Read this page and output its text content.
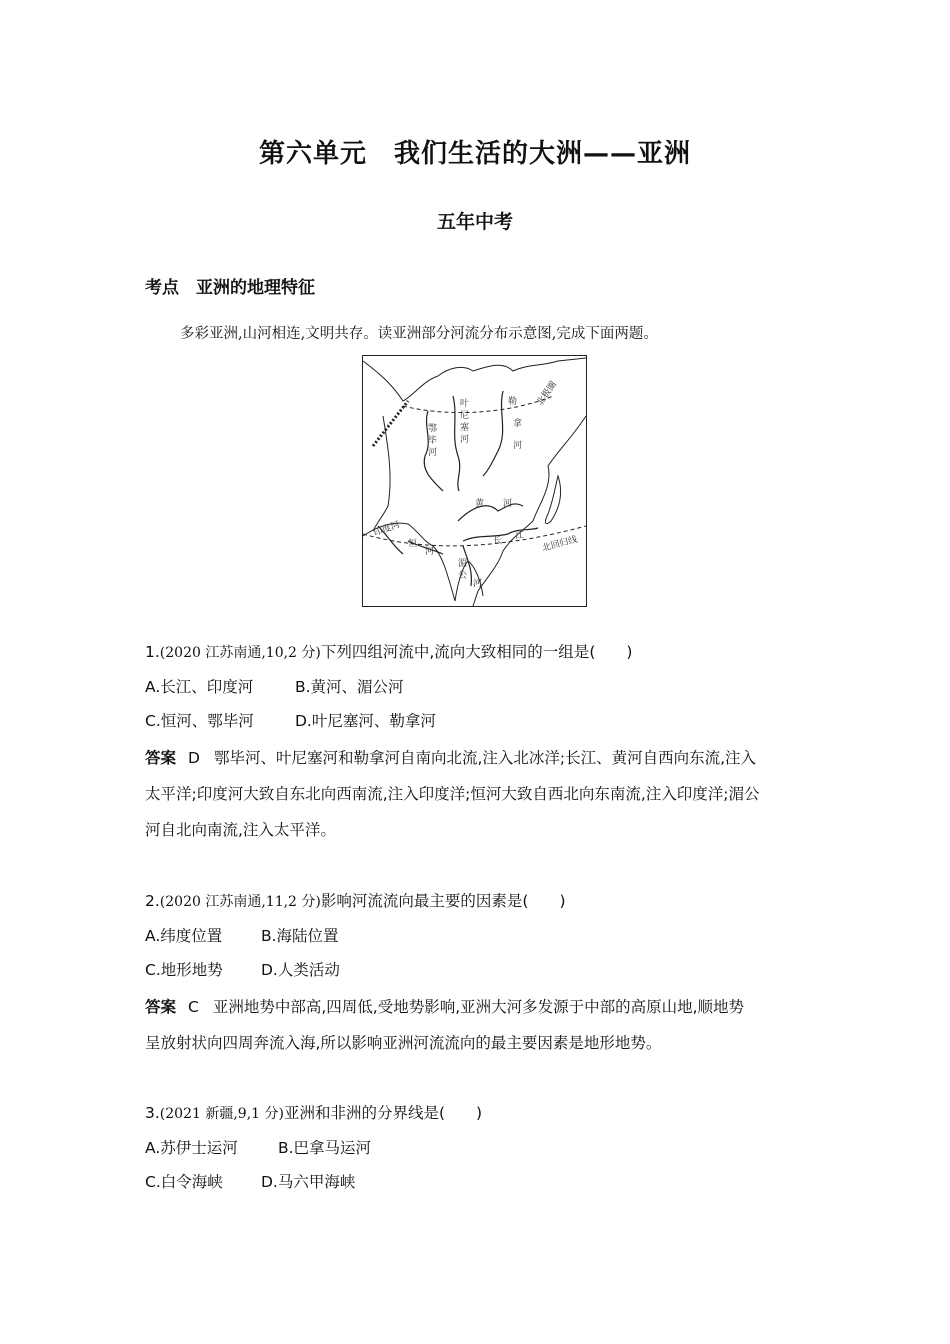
第六单元　我们生活的大洲——亚洲
五年中考
考点　亚洲的地理特征
多彩亚洲,山河相连,文明共存。读亚洲部分河流分布示意图,完成下面两题。
叶
尼
塞
河
鄂
毕
河
勒
拿
河
北极圈
黄 河
长 江 北回归线
印度河
恒
河
湄
公
河
1.(2020 江苏南通,10,2 分)下列四组河流中,流向大致相同的一组是(　　)
A.长江、印度河	B.黄河、湄公河
C.恒河、鄂毕河	D.叶尼塞河、勒拿河
答案 D 鄂毕河、叶尼塞河和勒拿河自南向北流,注入北冰洋;长江、黄河自西向东流,注入
太平洋;印度河大致自东北向西南流,注入印度洋;恒河大致自西北向东南流,注入印度洋;湄公
河自北向南流,注入太平洋。
2.(2020 江苏南通,11,2 分)影响河流流向最主要的因素是(　　)
A.纬度位置 B.海陆位置
C.地形地势 D.人类活动
答案 C 亚洲地势中部高,四周低,受地势影响,亚洲大河多发源于中部的高原山地,顺地势
呈放射状向四周奔流入海,所以影响亚洲河流流向的最主要因素是地形地势。
3.(2021 新疆,9,1 分)亚洲和非洲的分界线是(　　)
A.苏伊士运河	B.巴拿马运河
C.白令海峡 D.马六甲海峡
